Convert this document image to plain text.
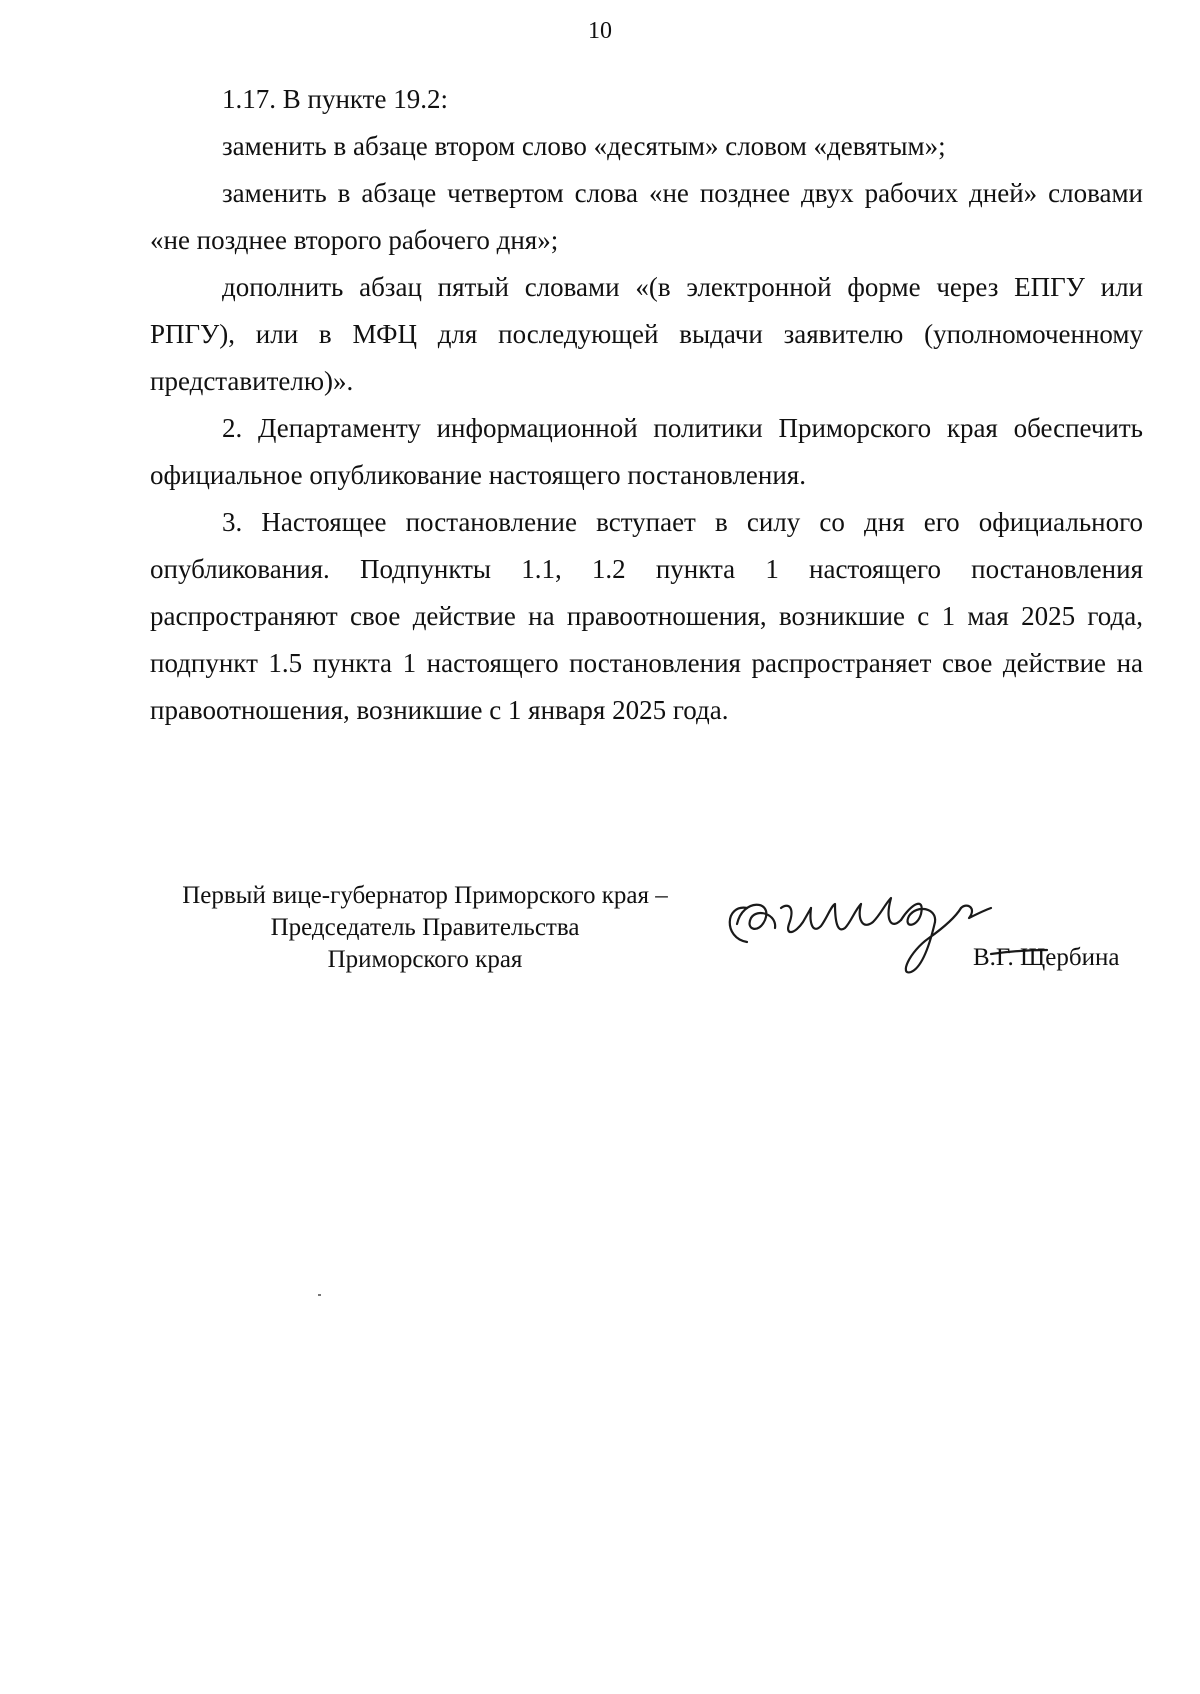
10

1.17. В пункте 19.2:

заменить в абзаце втором слово «десятым» словом «девятым»;

заменить в абзаце четвертом слова «не позднее двух рабочих дней» словами «не позднее второго рабочего дня»;

дополнить абзац пятый словами «(в электронной форме через ЕПГУ или РПГУ), или в МФЦ для последующей выдачи заявителю (уполномоченному представителю)».

2. Департаменту информационной политики Приморского края обеспечить официальное опубликование настоящего постановления.

3. Настоящее постановление вступает в силу со дня его официального опубликования. Подпункты 1.1, 1.2 пункта 1 настоящего постановления распространяют свое действие на правоотношения, возникшие с 1 мая 2025 года, подпункт 1.5 пункта 1 настоящего постановления распространяет свое действие на правоотношения, возникшие с 1 января 2025 года.

Первый вице-губернатор Приморского края –
Председатель Правительства
Приморского края	В.Г. Щербина
